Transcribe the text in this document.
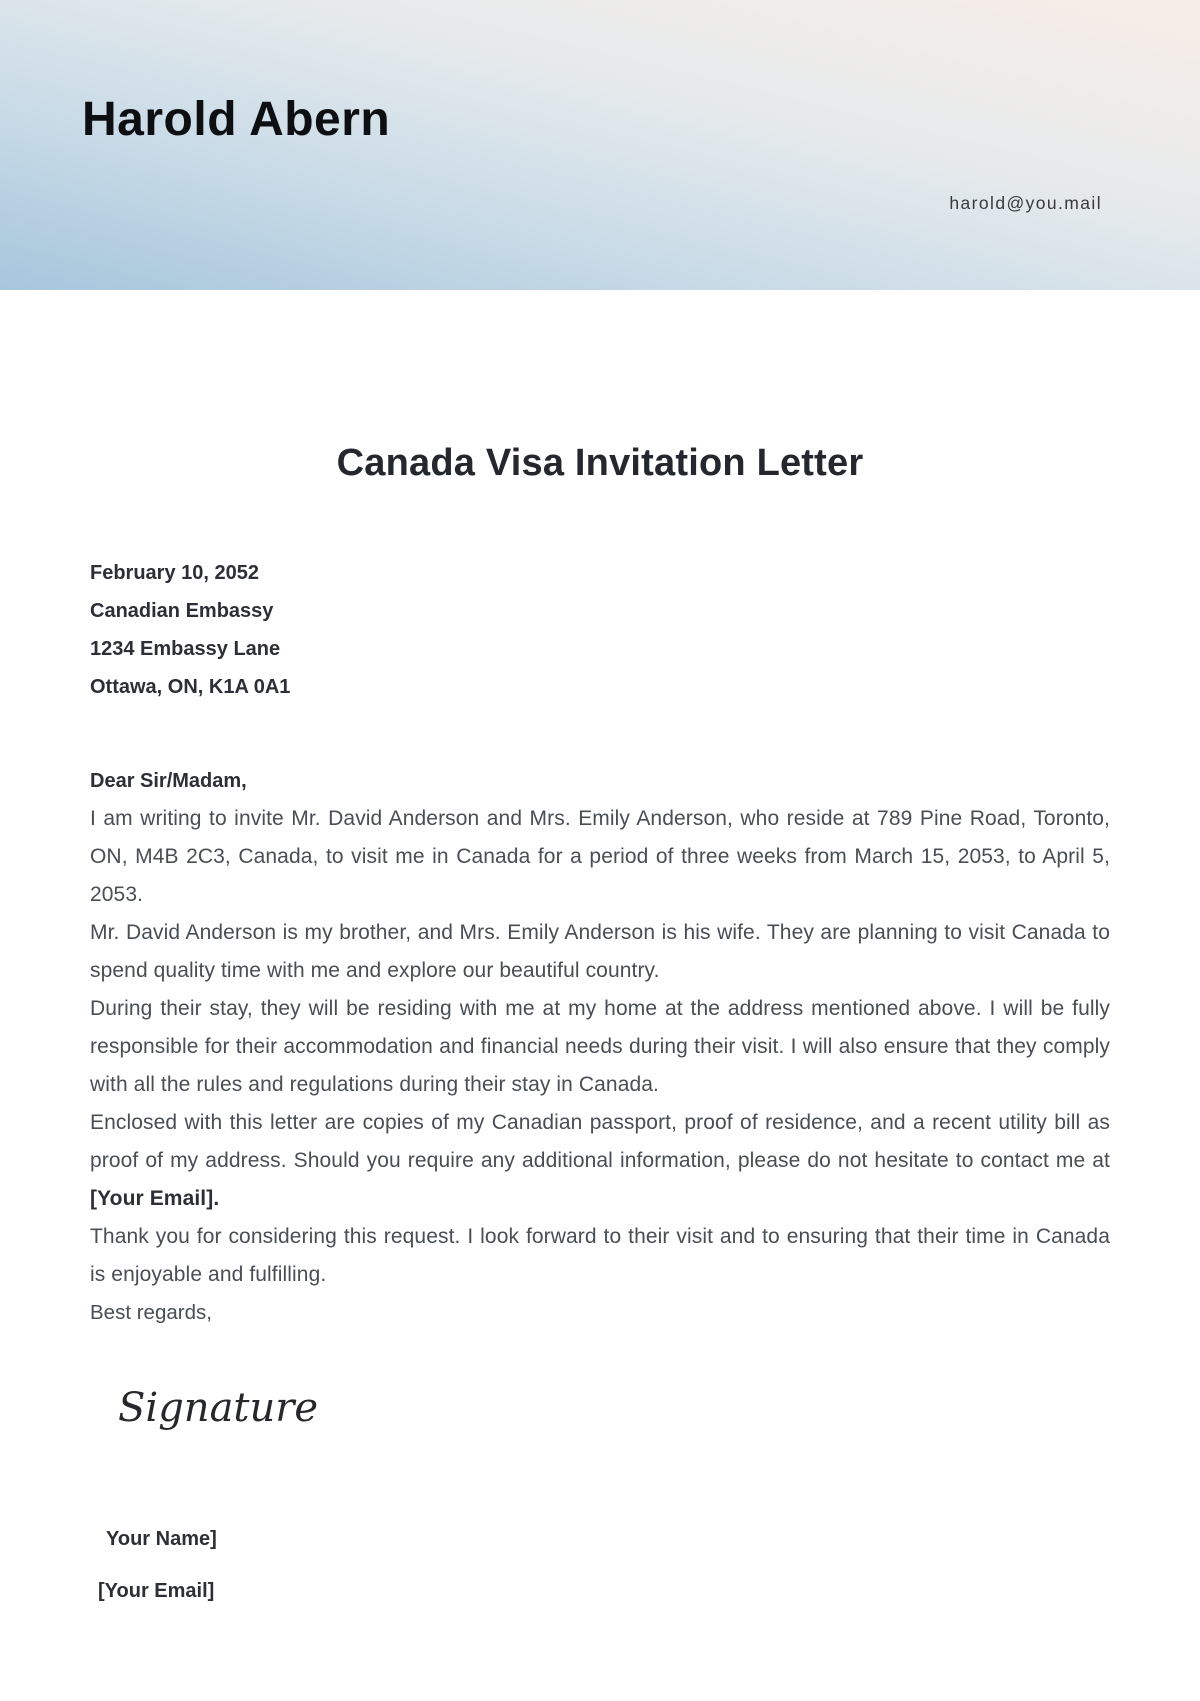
Harold Abern
harold@you.mail
Canada Visa Invitation Letter
February 10, 2052
Canadian Embassy
1234 Embassy Lane
Ottawa, ON, K1A 0A1

Dear Sir/Madam,

I am writing to invite Mr. David Anderson and Mrs. Emily Anderson, who reside at 789 Pine Road, Toronto, ON, M4B 2C3, Canada, to visit me in Canada for a period of three weeks from March 15, 2053, to April 5, 2053.

Mr. David Anderson is my brother, and Mrs. Emily Anderson is his wife. They are planning to visit Canada to spend quality time with me and explore our beautiful country.

During their stay, they will be residing with me at my home at the address mentioned above. I will be fully responsible for their accommodation and financial needs during their visit. I will also ensure that they comply with all the rules and regulations during their stay in Canada.

Enclosed with this letter are copies of my Canadian passport, proof of residence, and a recent utility bill as proof of my address. Should you require any additional information, please do not hesitate to contact me at [Your Email].

Thank you for considering this request. I look forward to their visit and to ensuring that their time in Canada is enjoyable and fulfilling.

Best regards,

Signature
Your Name]
[Your Email]
